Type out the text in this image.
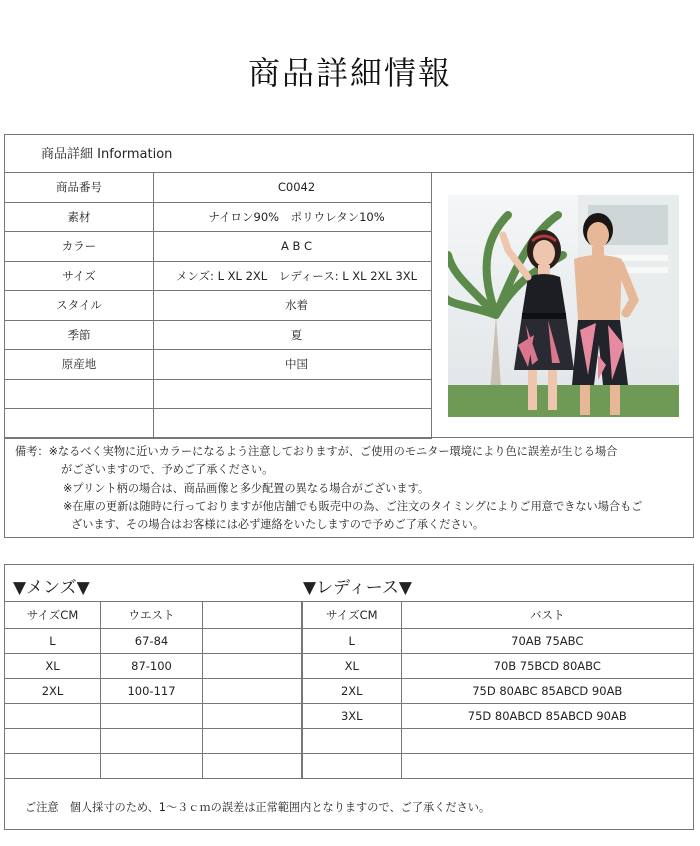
商品詳細情報
商品詳細 Information
商品番号	C0042
素材	ナイロン90%　ポリウレタン10%
カラー	A B C
サイズ	メンズ: L XL 2XL　レディース: L XL 2XL 3XL
スタイル	水着
季節	夏
原産地	中国

備考：※なるべく実物に近いカラーになるよう注意しておりますが、ご使用のモニター環境により色に誤差が生じる場合
がございますので、予めご了承ください。
※プリント柄の場合は、商品画像と多少配置の異なる場合がございます。
※在庫の更新は随時に行っておりますが他店舗でも販売中の為、ご注文のタイミングによりご用意できない場合もご
ざいます、その場合はお客様には必ず連絡をいたしますので予めご了承ください。
▼メンズ▼	▼レディース▼
サイズCM	ウエスト	
L	67-84	
XL	87-100	
2XL	100-117	

サイズCM	バスト
L	70AB 75ABC
XL	70B 75BCD 80ABC
2XL	75D 80ABC 85ABCD 90AB
3XL	75D 80ABCD 85ABCD 90AB

ご注意　個人採寸のため、1～３ｃｍの誤差は正常範囲内となりますので、ご了承ください。
